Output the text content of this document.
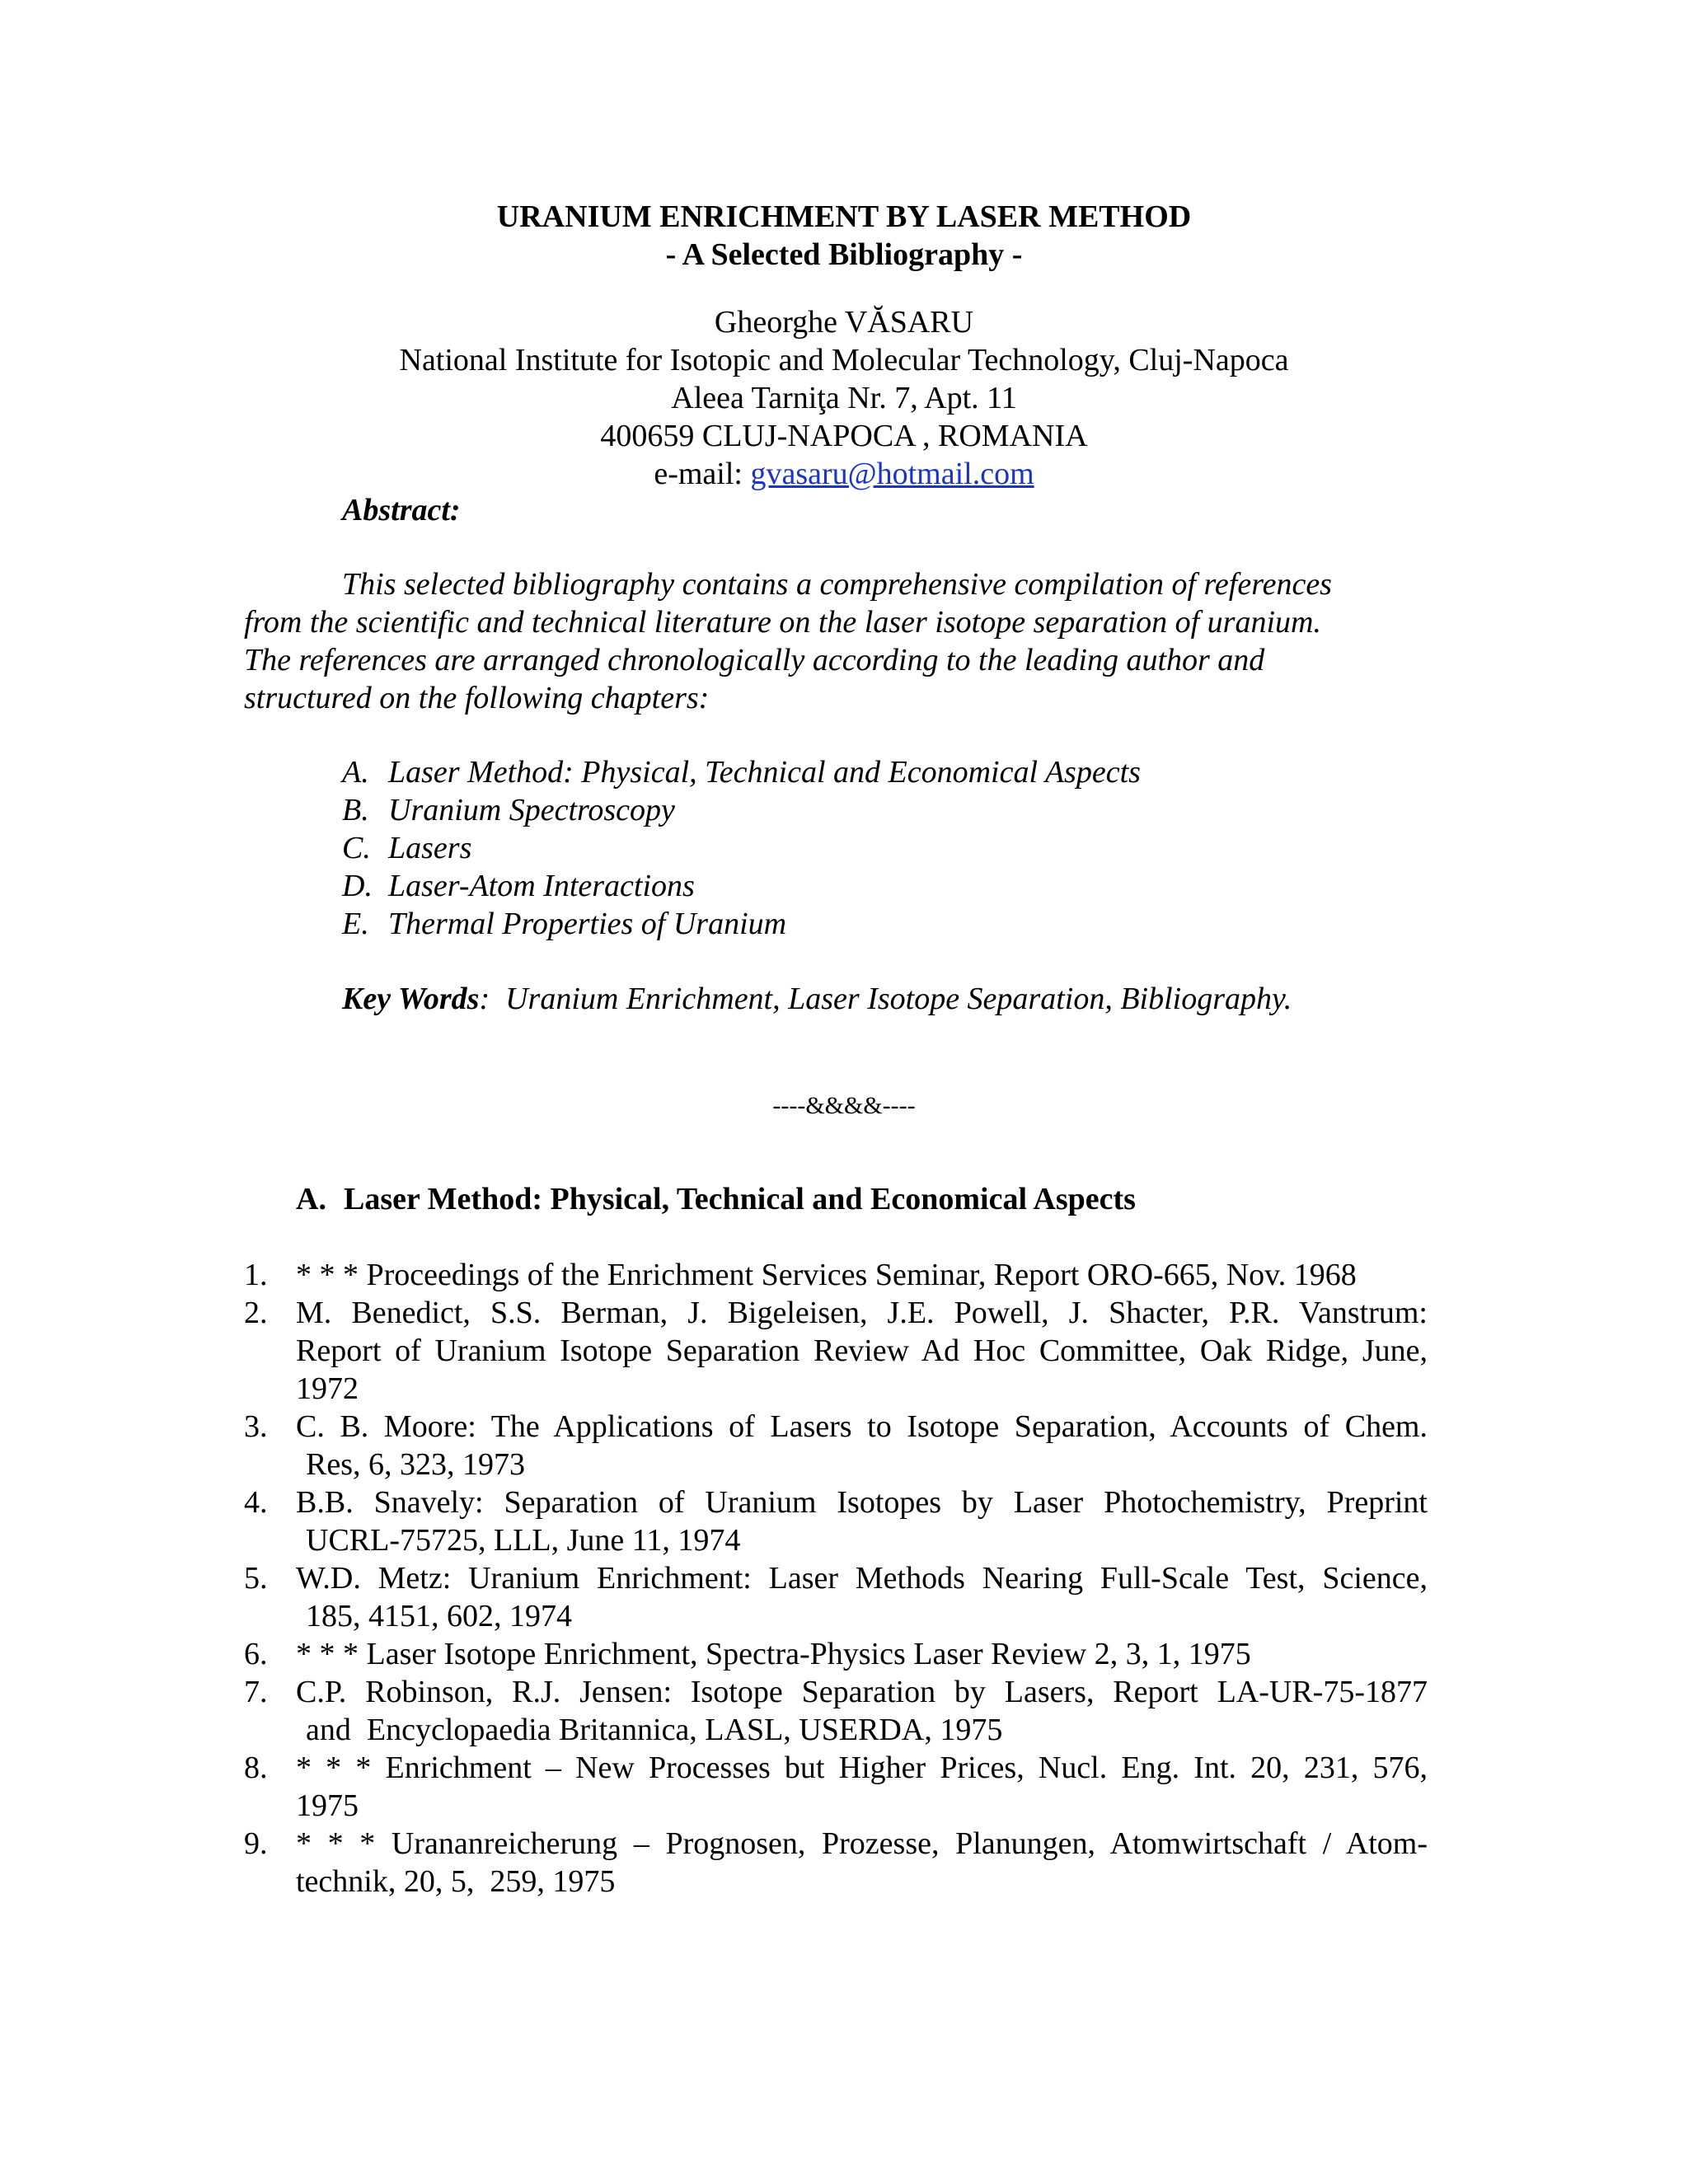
URANIUM ENRICHMENT BY LASER METHOD
- A Selected Bibliography -
Gheorghe VĂSARU
National Institute for Isotopic and Molecular Technology, Cluj-Napoca
Aleea Tarniţa Nr. 7, Apt. 11
400659 CLUJ-NAPOCA , ROMANIA
e-mail: gvasaru@hotmail.com
Abstract:
This selected bibliography contains a comprehensive compilation of references
from the scientific and technical literature on the laser isotope separation of uranium.
The references are arranged chronologically according to the leading author and
structured on the following chapters:
A. Laser Method: Physical, Technical and Economical Aspects
B. Uranium Spectroscopy
C. Lasers
D. Laser-Atom Interactions
E. Thermal Properties of Uranium
Key Words:  Uranium Enrichment, Laser Isotope Separation, Bibliography.
----&&&&----
A. Laser Method: Physical, Technical and Economical Aspects
1. * * * Proceedings of the Enrichment Services Seminar, Report ORO-665, Nov. 1968
2. M. Benedict, S.S. Berman, J. Bigeleisen, J.E. Powell, J. Shacter, P.R. Vanstrum:
Report of Uranium Isotope Separation Review Ad Hoc Committee, Oak Ridge, June,
1972
3. C. B. Moore: The Applications of Lasers to Isotope Separation, Accounts of Chem.
Res, 6, 323, 1973
4. B.B. Snavely: Separation of Uranium Isotopes by Laser Photochemistry, Preprint
UCRL-75725, LLL, June 11, 1974
5. W.D. Metz: Uranium Enrichment: Laser Methods Nearing Full-Scale Test, Science,
185, 4151, 602, 1974
6. * * * Laser Isotope Enrichment, Spectra-Physics Laser Review 2, 3, 1, 1975
7. C.P. Robinson, R.J. Jensen: Isotope Separation by Lasers, Report LA-UR-75-1877
and  Encyclopaedia Britannica, LASL, USERDA, 1975
8. * * * Enrichment – New Processes but Higher Prices, Nucl. Eng. Int. 20, 231, 576,
1975
9. * * * Urananreicherung – Prognosen, Prozesse, Planungen, Atomwirtschaft / Atom-
technik, 20, 5,  259, 1975
